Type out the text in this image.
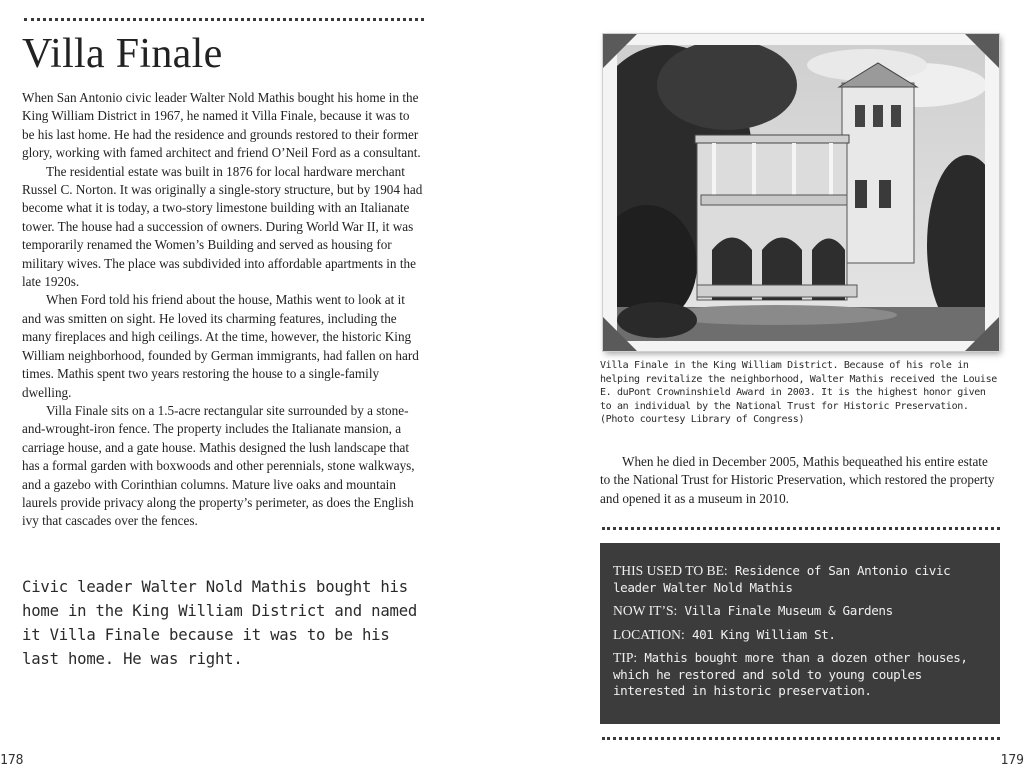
Villa Finale

When San Antonio civic leader Walter Nold Mathis bought his home in the King William District in 1967, he named it Villa Finale, because it was to be his last home. He had the residence and grounds restored to their former glory, working with famed architect and friend O’Neil Ford as a consultant.

The residential estate was built in 1876 for local hardware merchant Russel C. Norton. It was originally a single-story structure, but by 1904 had become what it is today, a two-story limestone building with an Italianate tower. The house had a succession of owners. During World War II, it was temporarily renamed the Women’s Building and served as housing for military wives. The place was subdivided into affordable apartments in the late 1920s.

When Ford told his friend about the house, Mathis went to look at it and was smitten on sight. He loved its charming features, including the many fireplaces and high ceilings. At the time, however, the historic King William neighborhood, founded by German immigrants, had fallen on hard times. Mathis spent two years restoring the house to a single-family dwelling.

Villa Finale sits on a 1.5-acre rectangular site surrounded by a stone-and-wrought-iron fence. The property includes the Italianate mansion, a carriage house, and a gate house. Mathis designed the lush landscape that has a formal garden with boxwoods and other perennials, stone walkways, and a gazebo with Corinthian columns. Mature live oaks and mountain laurels provide privacy along the property’s perimeter, as does the English ivy that cascades over the fences.

Civic leader Walter Nold Mathis bought his home in the King William District and named it Villa Finale because it was to be his last home. He was right.
178

Villa Finale in the King William District. Because of his role in helping revitalize the neighborhood, Walter Mathis received the Louise E. duPont Crowninshield Award in 2003. It is the highest honor given to an individual by the National Trust for Historic Preservation. (Photo courtesy Library of Congress)

When he died in December 2005, Mathis bequeathed his entire estate to the National Trust for Historic Preservation, which restored the property and opened it as a museum in 2010.

THIS USED TO BE: Residence of San Antonio civic leader Walter Nold Mathis

NOW IT’S: Villa Finale Museum & Gardens

LOCATION: 401 King William St.

TIP: Mathis bought more than a dozen other houses, which he restored and sold to young couples interested in historic preservation.

179
